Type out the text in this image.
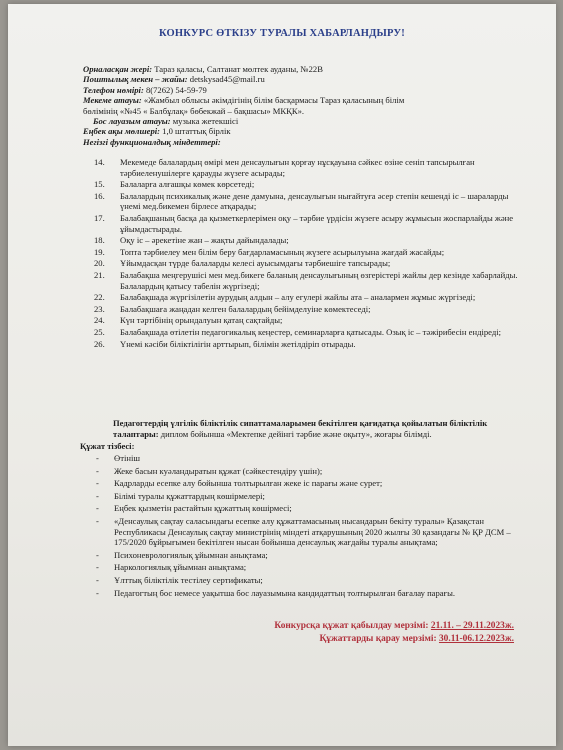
КОНКУРС ӨТКІЗУ ТУРАЛЫ ХАБАРЛАНДЫРУ!
Орналасқан жері: Тараз қаласы, Салтанат мөлтек ауданы, №22В
Поштылық мекен – жайы: detskysad45@mail.ru
Телефон нөмірі: 8(7262) 54-59-79
Мекеме атауы: «Жамбыл облысы әкімдігінің білім басқармасы Тараз қаласының білім
бөлімінің «№45 « Балбұлақ» бөбекжай – бақшасы» МКҚК».
Бос лауазым атауы: музыка жетекшісі
Еңбек ақы мөлшері: 1,0 штаттық бірлік
Негізгі функционалдық міндеттері:
14. Мекемеде балалардың өмірі мен денсаулығын қорғау нұсқауына сәйкес өзіне сеніп тапсырылған тәрбиеленушілерге қарауды жүзеге асырады;
15. Балаларға алғашқы көмек көрсетеді;
16. Балалардың психикалық және дене дамуына, денсаулығын нығайтуға әсер степін кешенді іс – шараларды үнемі мед.бикемен бірлесе атқарады;
17. Балабақшаның басқа да қызметкерлерімен оқу – тәрбие үрдісін жүзеге асыру жұмысын жоспарлайды және ұйымдастырады.
18. Оқу іс – әрекетіне жан – жақты дайындалады;
19. Топта тәрбиелеу мен білім беру бағдарламасының жүзеге асырылуына жағдай жасайды;
20. Ұйымдасқан түрде балаларды келесі ауысымдағы тәрбиешіге тапсырады;
21. Балабақша меңгерушісі мен мед.бикеге баланың денсаулығының өзгерістері жайлы дер кезінде хабарлайды. Балалардың қатысу табелін жүргізеді;
22. Балабақшада жүргізілетін аурудың алдын – алу егулері жайлы ата – аналармен жұмыс жүргізеді;
23. Балабақшаға жаңадан келген балалардың бейімделуіне көмектеседі;
24. Күн тәртібінің орындалуын қатаң сақтайды;
25. Балабақшада өтілетін педагогикалық кеңестер, семинарларға қатысады. Озық іс – тәжірибесін ендіреді;
26. Үнемі кәсіби біліктілігін арттырып, білімін жетілдіріп отырады.
Педагогтердің үлгілік біліктілік сипаттамаларымен бекітілген қағидатқа қойылатын біліктілік талаптары: диплом бойынша «Мектепке дейінгі тәрбие және оқыту», жоғары білімді.
Құжат тізбесі:
- Өтініш
- Жеке басын куәландыратын құжат (сәйкестендіру үшін);
- Кадрларды есепке алу бойынша толтырылған жеке іс парағы және сурет;
- Білімі туралы құжаттардың көшірмелері;
- Еңбек қызметін растайтын құжаттың көшірмесі;
- «Денсаулық сақтау саласындағы есепке алу құжаттамасының нысандарын бекіту туралы» Қазақстан Республикасы Денсаулық сақтау министрінің міндеті атқарушының 2020 жылғы 30 қазандағы № ҚР ДСМ – 175/2020 бұйрығымен бекітілген нысан бойынша денсаулық жағдайы туралы анықтама;
- Психоневрологиялық ұйымнан анықтама;
- Наркологиялық ұйымнан анықтама;
- Ұлттық біліктілік тестілеу сертификаты;
- Педагогтың бос немесе уақытша бос лауазымына кандидаттың толтырылған бағалау парағы.
Конкурсқа құжат қабылдау мерзімі: 21.11. – 29.11.2023ж.
Құжаттарды қарау мерзімі: 30.11-06.12.2023ж.
